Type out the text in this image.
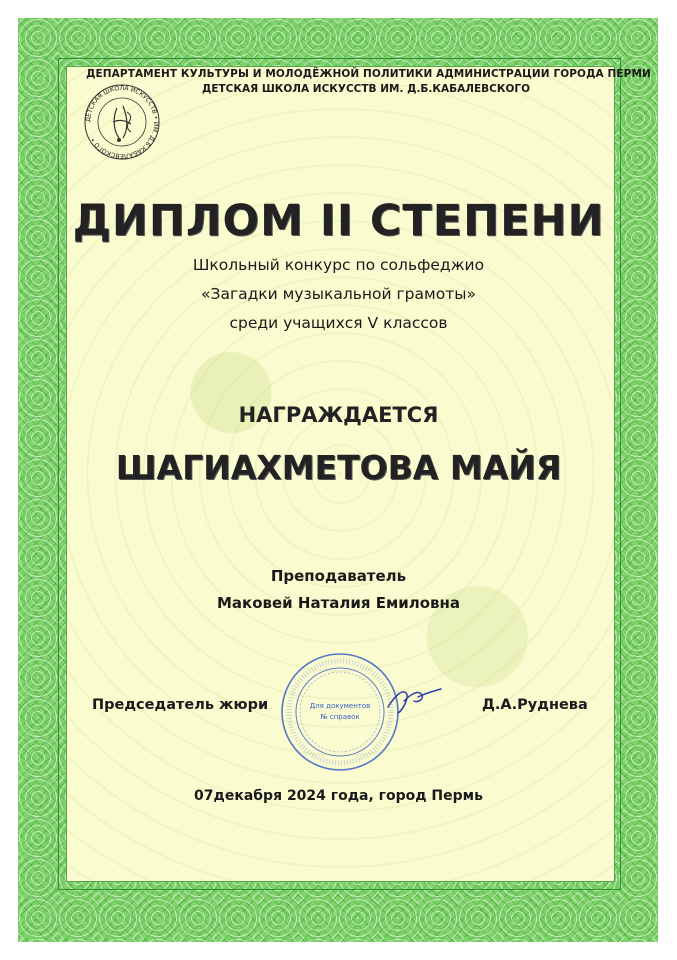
ДЕПАРТАМЕНТ КУЛЬТУРЫ И МОЛОДЁЖНОЙ ПОЛИТИКИ АДМИНИСТРАЦИИ ГОРОДА ПЕРМИ
ДЕТСКАЯ ШКОЛА ИСКУССТВ ИМ. Д.Б.КАБАЛЕВСКОГО
ДЕТСКАЯ ШКОЛА ИСКУССТВ • ИМ. Д.Б.КАБАЛЕВСКОГО •
ДИПЛОМ II СТЕПЕНИ
Школьный конкурс по сольфеджио
«Загадки музыкальной грамоты»
среди учащихся V классов
НАГРАЖДАЕТСЯ
ШАГИАХМЕТОВА МАЙЯ
Преподаватель
Маковей Наталия Емиловна
Для документов
№ справок
Председатель жюри	Д.А.Руднева
07декабря 2024 года, город Пермь
